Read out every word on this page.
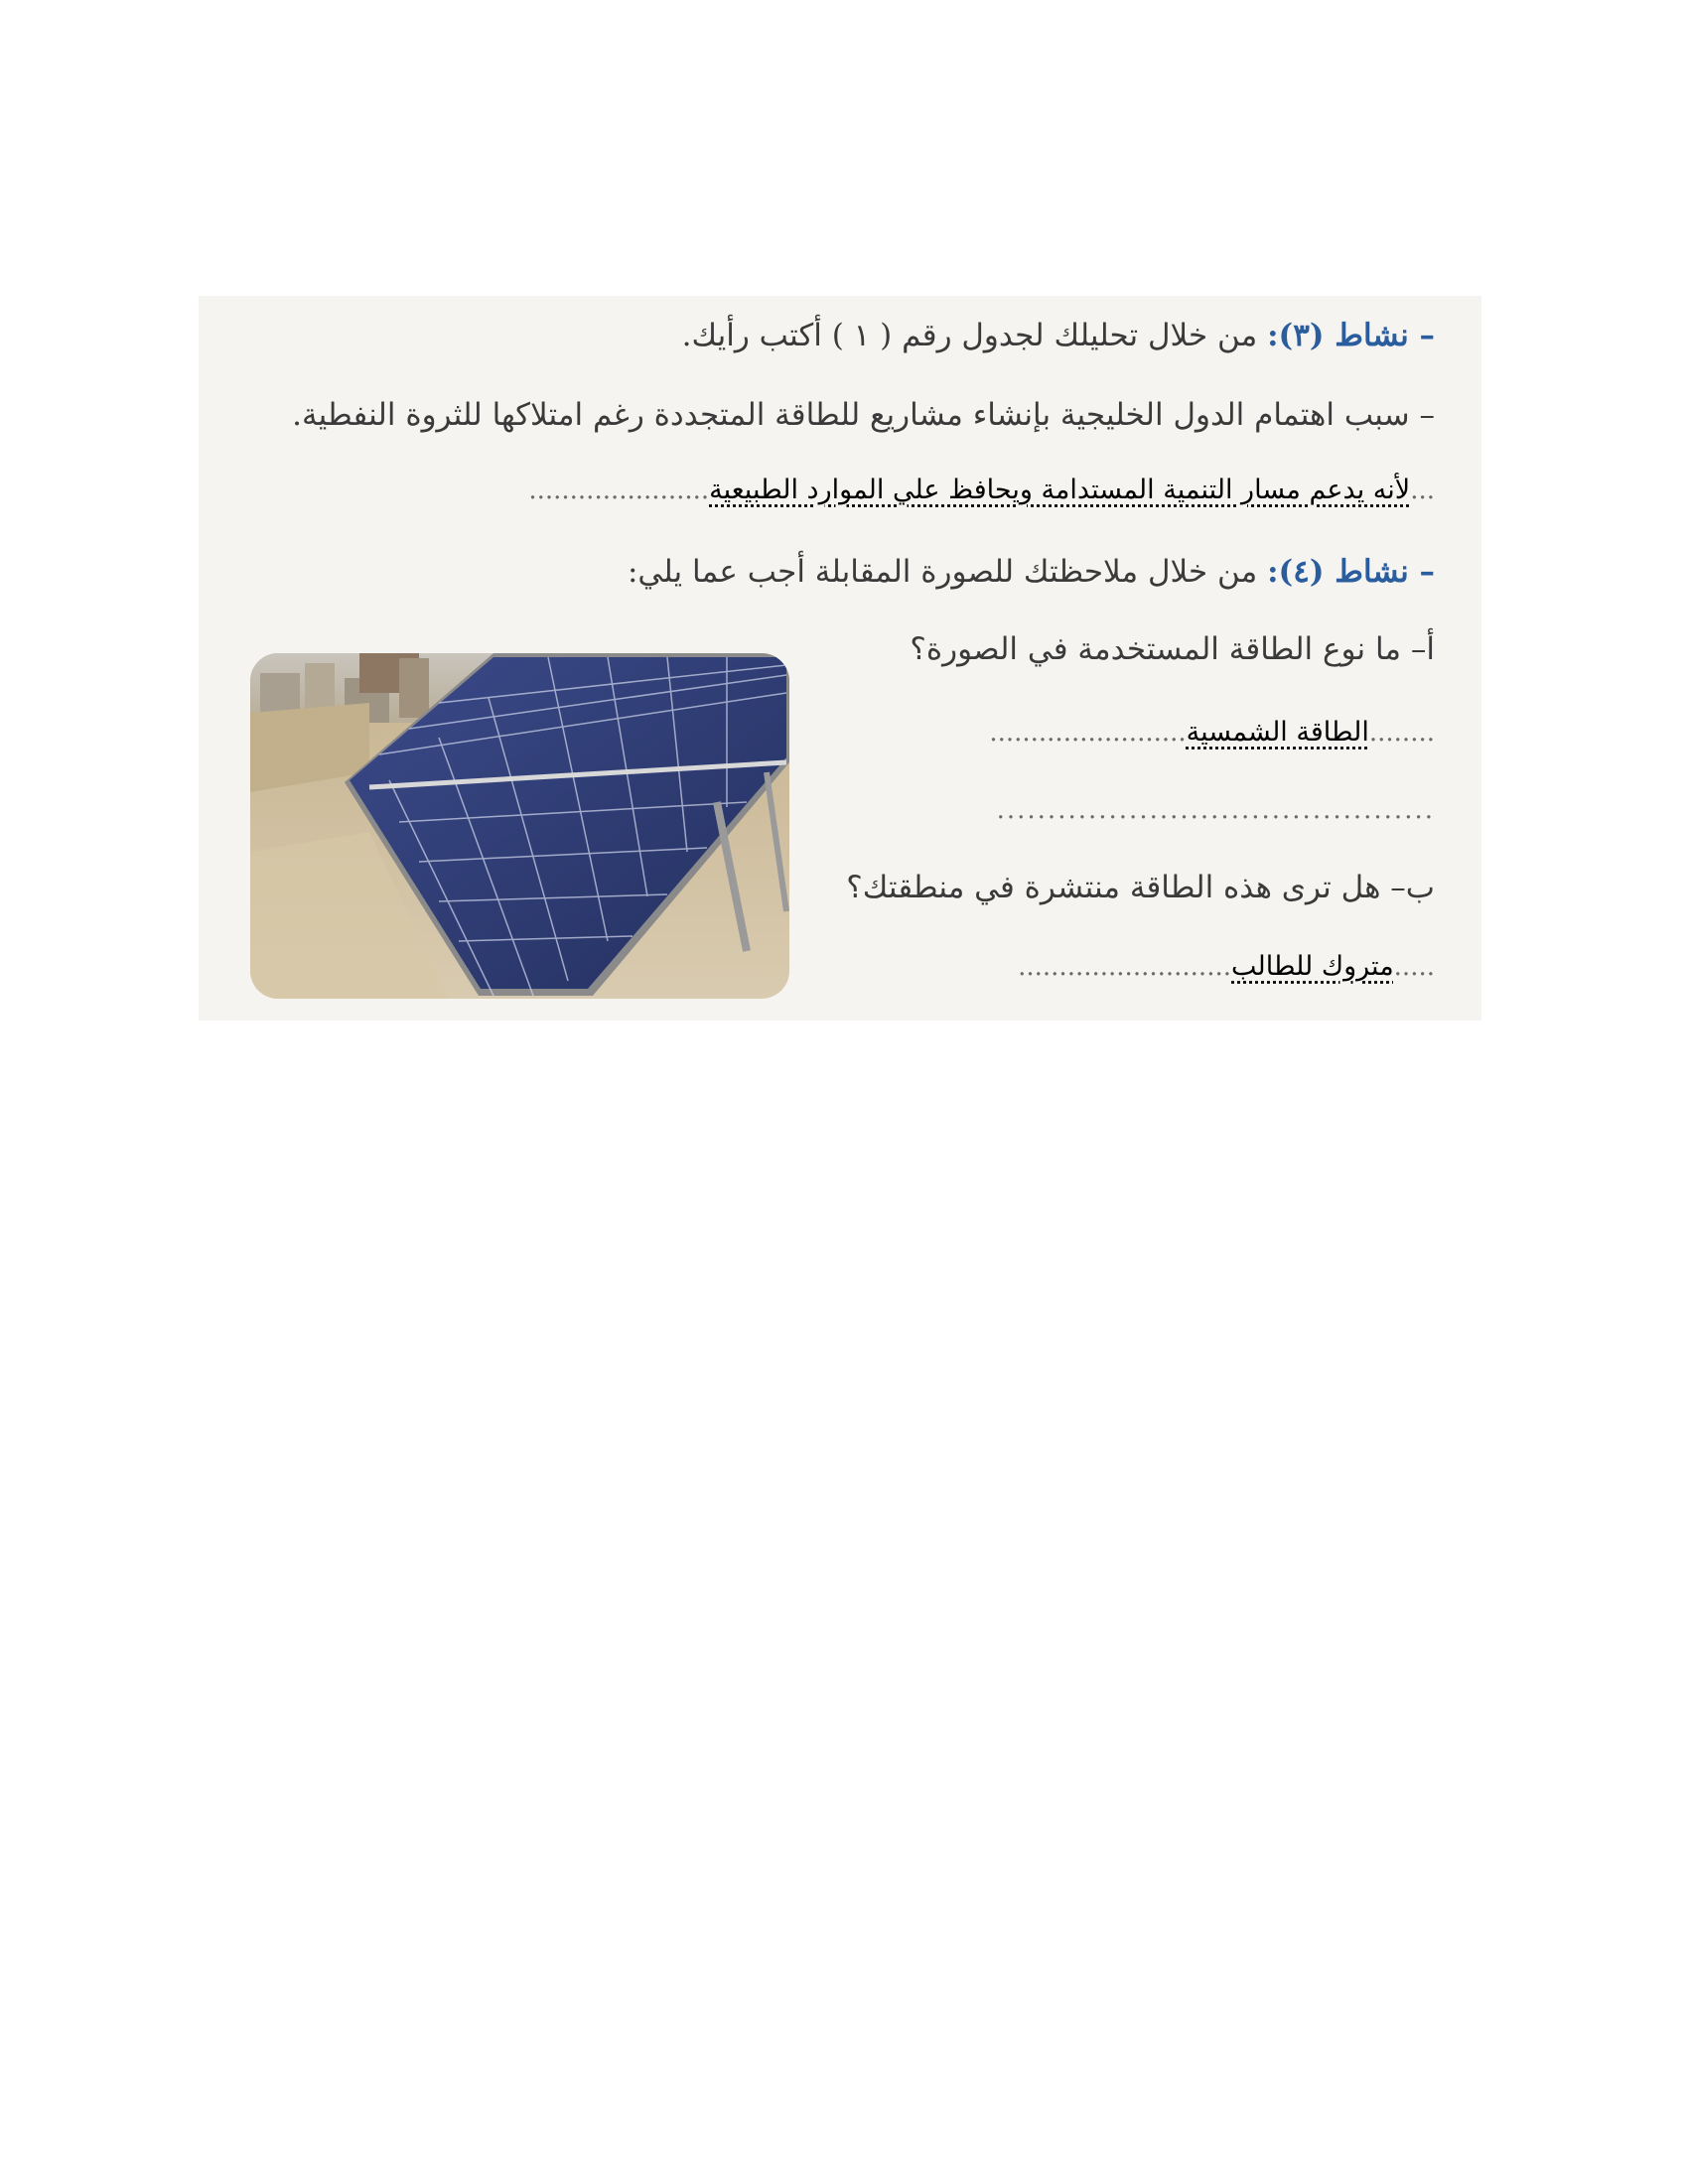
– نشاط (٣): من خلال تحليلك لجدول رقم ( ١ ) أكتب رأيك.
– سبب اهتمام الدول الخليجية بإنشاء مشاريع للطاقة المتجددة رغم امتلاكها للثروة النفطية.
...لأنه يدعم مسار التنمية المستدامة ويحافظ علي الموارد الطبيعية......................
– نشاط (٤): من خلال ملاحظتك للصورة المقابلة أجب عما يلي:
أ– ما نوع الطاقة المستخدمة في الصورة؟
........الطاقة الشمسية........................
...........................................
ب– هل ترى هذه الطاقة منتشرة في منطقتك؟
.....متروك للطالب..........................
